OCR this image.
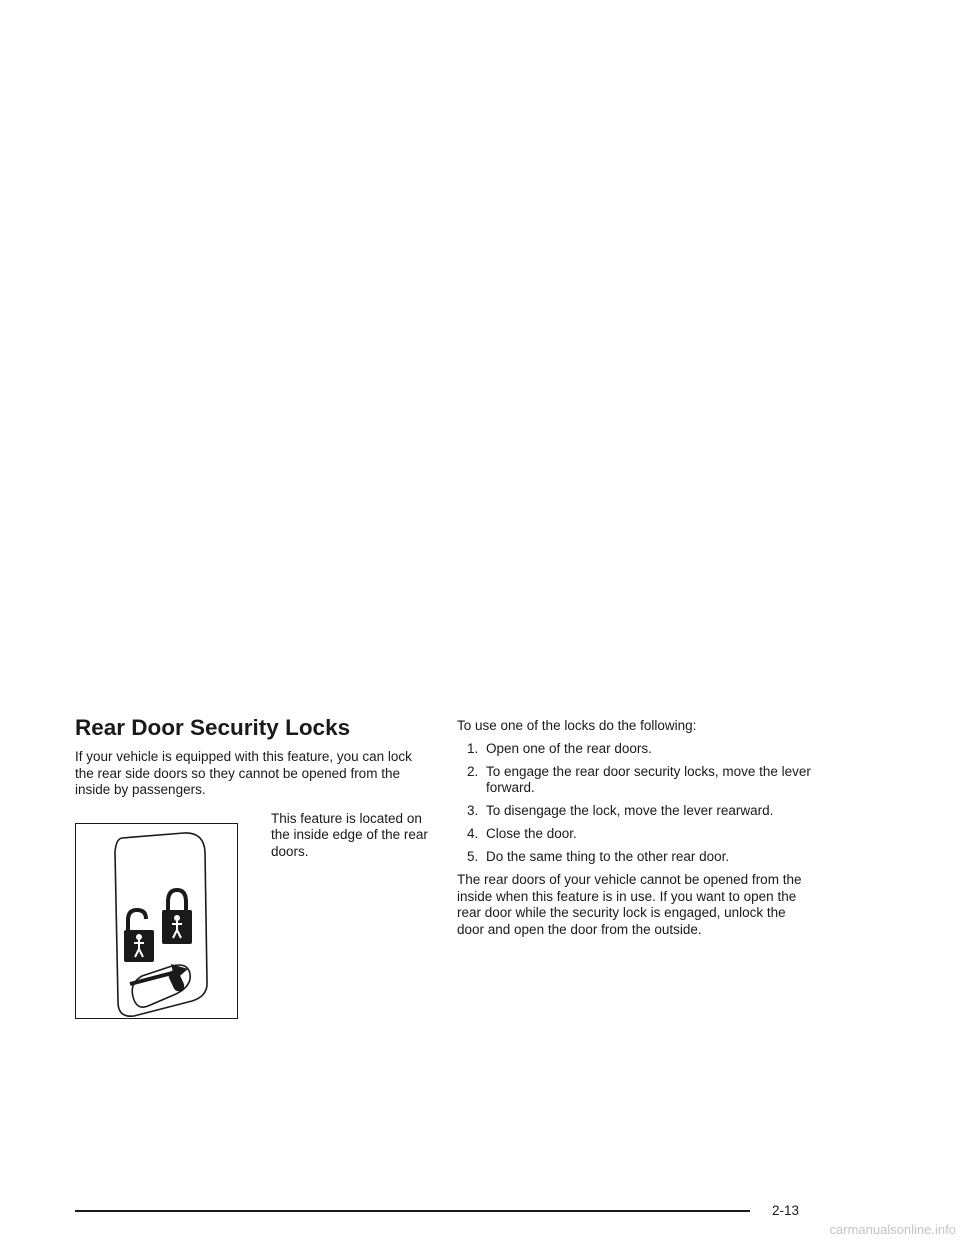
Rear Door Security Locks

If your vehicle is equipped with this feature, you can lock the rear side doors so they cannot be opened from the inside by passengers.

This feature is located on the inside edge of the rear doors.

To use one of the locks do the following:

1. Open one of the rear doors.
2. To engage the rear door security locks, move the lever forward.
3. To disengage the lock, move the lever rearward.
4. Close the door.
5. Do the same thing to the other rear door.

The rear doors of your vehicle cannot be opened from the inside when this feature is in use. If you want to open the rear door while the security lock is engaged, unlock the door and open the door from the outside.

2-13
carmanualsonline.info
